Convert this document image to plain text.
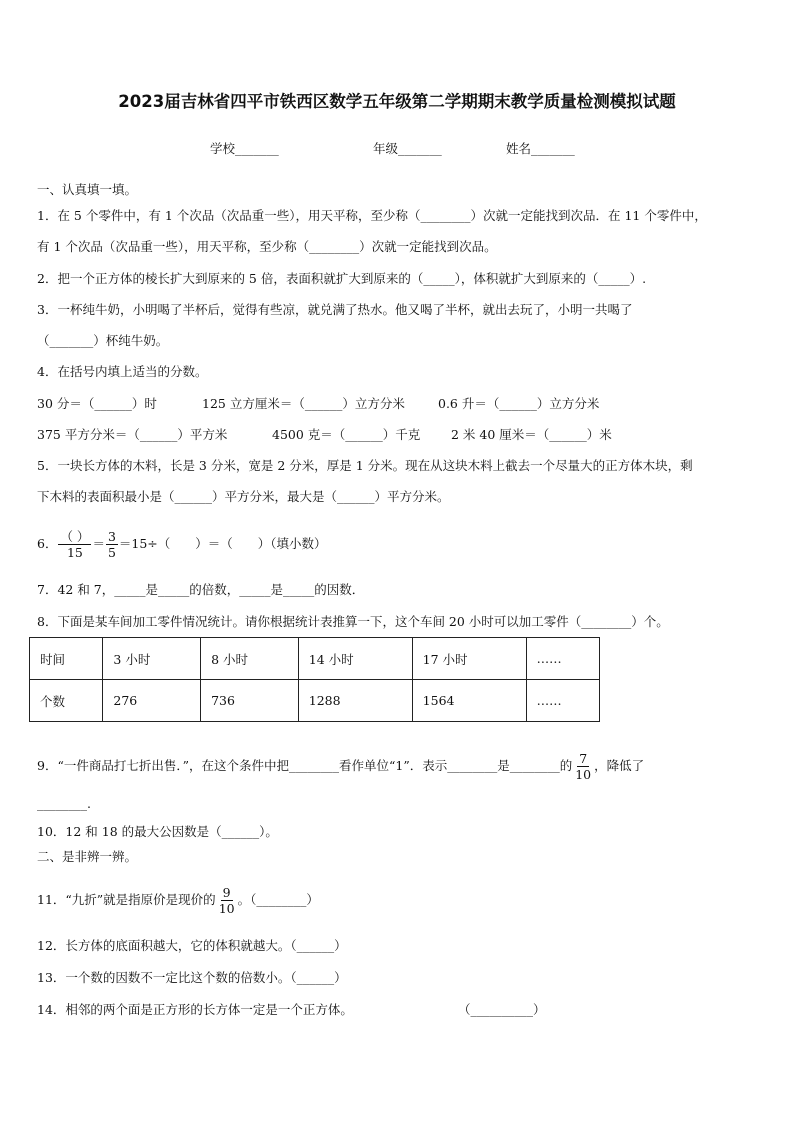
2023届吉林省四平市铁西区数学五年级第二学期期末教学质量检测模拟试题
学校_______	年级_______	姓名_______
一、认真填一填。
1．在 5 个零件中，有 1 个次品（次品重一些），用天平称，至少称（________）次就一定能找到次品．在 11 个零件中，
有 1 个次品（次品重一些），用天平称，至少称（________）次就一定能找到次品。
2．把一个正方体的棱长扩大到原来的 5 倍，表面积就扩大到原来的（_____），体积就扩大到原来的（_____）.
3．一杯纯牛奶，小明喝了半杯后，觉得有些凉，就兑满了热水。他又喝了半杯，就出去玩了，小明一共喝了
（_______）杯纯牛奶。
4．在括号内填上适当的分数。
30 分＝（______）时	125 立方厘米＝（______）立方分米	0.6 升＝（______）立方分米
375 平方分米＝（______）平方米	4500 克＝（______）千克 2 米 40 厘米＝（______）米
5．一块长方体的木料，长是 3 分米，宽是 2 分米，厚是 1 分米。现在从这块木料上截去一个尽量大的正方体木块，剩
下木料的表面积最小是（______）平方分米，最大是（______）平方分米。
6． $\frac{( )}{15} = \frac{3}{5} =15\div$（　　）＝（　　）（填小数）
7．42 和 7，_____是_____的倍数，_____是_____的因数．
8．下面是某车间加工零件情况统计。请你根据统计表推算一下，这个车间 20 小时可以加工零件（________）个。
时间	3 小时	8 小时	14 小时	17 小时	……
个数	276	736	1288	1564	……
9．“一件商品打七折出售．”，在这个条件中把________看作单位“1”．表示________是________的 $\frac{7}{10}$ ，降低了
________.
10．12 和 18 的最大公因数是（______）。
二、是非辨一辨。
11．“九折”就是指原价是现价的 $\frac{9}{10}$ 。（________）
12．长方体的底面积越大，它的体积就越大。（______）
13．一个数的因数不一定比这个数的倍数小。（______）
14．相邻的两个面是正方形的长方体一定是一个正方体。	（__________）
